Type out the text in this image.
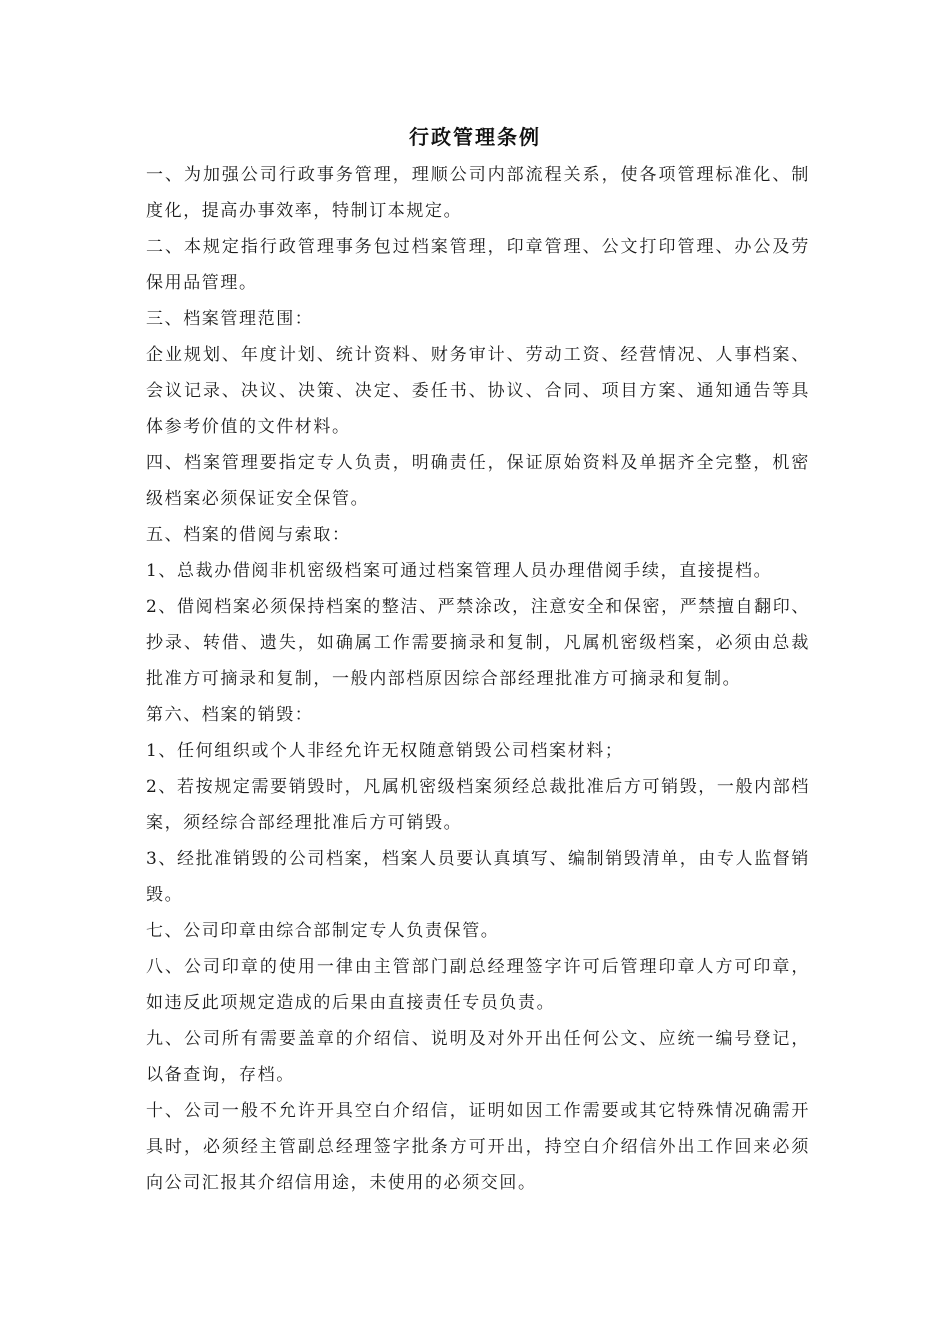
行政管理条例

一、为加强公司行政事务管理，理顺公司内部流程关系，使各项管理标准化、制度化，提高办事效率，特制订本规定。

二、本规定指行政管理事务包过档案管理，印章管理、公文打印管理、办公及劳保用品管理。

三、档案管理范围：

企业规划、年度计划、统计资料、财务审计、劳动工资、经营情况、人事档案、会议记录、决议、决策、决定、委任书、协议、合同、项目方案、通知通告等具体参考价值的文件材料。

四、档案管理要指定专人负责，明确责任，保证原始资料及单据齐全完整，机密级档案必须保证安全保管。

五、档案的借阅与索取：

1、总裁办借阅非机密级档案可通过档案管理人员办理借阅手续，直接提档。

2、借阅档案必须保持档案的整洁、严禁涂改，注意安全和保密，严禁擅自翻印、抄录、转借、遗失，如确属工作需要摘录和复制，凡属机密级档案，必须由总裁批准方可摘录和复制，一般内部档原因综合部经理批准方可摘录和复制。

第六、档案的销毁：

1、任何组织或个人非经允许无权随意销毁公司档案材料；

2、若按规定需要销毁时，凡属机密级档案须经总裁批准后方可销毁，一般内部档案，须经综合部经理批准后方可销毁。

3、经批准销毁的公司档案，档案人员要认真填写、编制销毁清单，由专人监督销毁。

七、公司印章由综合部制定专人负责保管。

八、公司印章的使用一律由主管部门副总经理签字许可后管理印章人方可印章，如违反此项规定造成的后果由直接责任专员负责。

九、公司所有需要盖章的介绍信、说明及对外开出任何公文、应统一编号登记，以备查询，存档。

十、公司一般不允许开具空白介绍信，证明如因工作需要或其它特殊情况确需开具时，必须经主管副总经理签字批条方可开出，持空白介绍信外出工作回来必须向公司汇报其介绍信用途，未使用的必须交回。
